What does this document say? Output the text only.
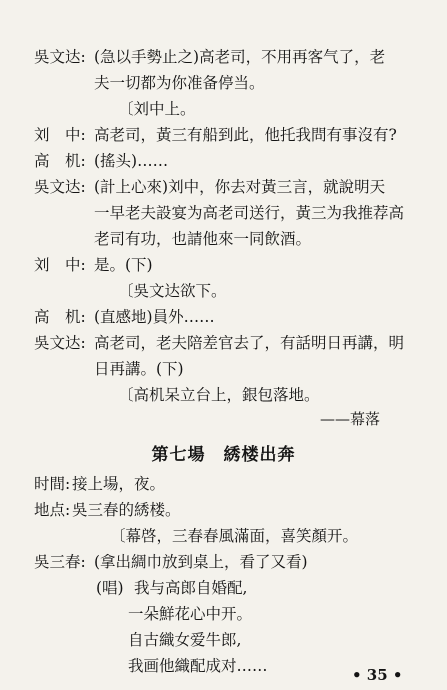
吳文达: (急以手勢止之)高老司，不用再客气了，老
夫一切都为你准备停当。
〔刘中上。
刘　中: 高老司，黃三有船到此，他托我問有事沒有?
高　机: (搖头)……
吳文达: (計上心來)刘中，你去对黃三言，就說明天
一早老夫設宴为高老司送行，黃三为我推荐高
老司有功，也請他來一同飲酒。
刘　中: 是。(下)
〔吳文达欲下。
高　机: (直感地)員外……
吳文达: 高老司，老夫陪差官去了，有話明日再講，明
日再講。(下)
〔高机呆立台上，銀包落地。
——幕落
第七場　綉楼出奔
时間: 接上場，夜。
地点: 吳三春的綉楼。
〔幕啓，三春春風滿面，喜笑顏开。
吳三春: (拿出綢巾放到桌上，看了又看)
(唱) 我与高郎自婚配,
一朵鮮花心中开。
自古織女爱牛郎,
我画他織配成对……	• 35 •
